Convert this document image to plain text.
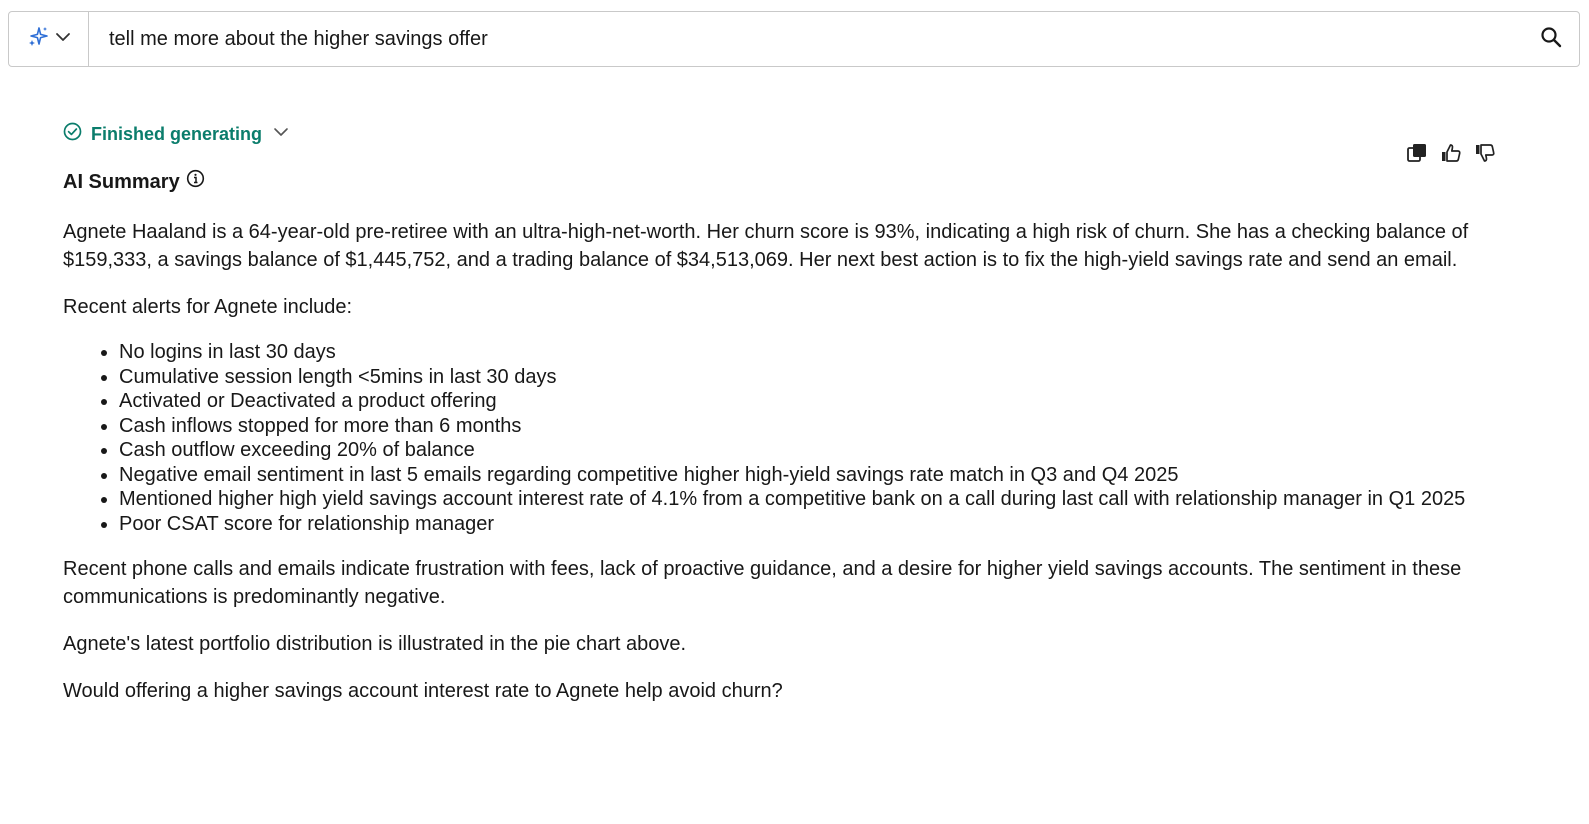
tell me more about the higher savings offer
Finished generating
AI Summary

Agnete Haaland is a 64-year-old pre-retiree with an ultra-high-net-worth. Her churn score is 93%, indicating a high risk of churn. She has a checking balance of $159,333, a savings balance of $1,445,752, and a trading balance of $34,513,069. Her next best action is to fix the high-yield savings rate and send an email.

Recent alerts for Agnete include:

• No logins in last 30 days
• Cumulative session length <5mins in last 30 days
• Activated or Deactivated a product offering
• Cash inflows stopped for more than 6 months
• Cash outflow exceeding 20% of balance
• Negative email sentiment in last 5 emails regarding competitive higher high-yield savings rate match in Q3 and Q4 2025
• Mentioned higher high yield savings account interest rate of 4.1% from a competitive bank on a call during last call with relationship manager in Q1 2025
• Poor CSAT score for relationship manager

Recent phone calls and emails indicate frustration with fees, lack of proactive guidance, and a desire for higher yield savings accounts. The sentiment in these communications is predominantly negative.

Agnete's latest portfolio distribution is illustrated in the pie chart above.

Would offering a higher savings account interest rate to Agnete help avoid churn?
